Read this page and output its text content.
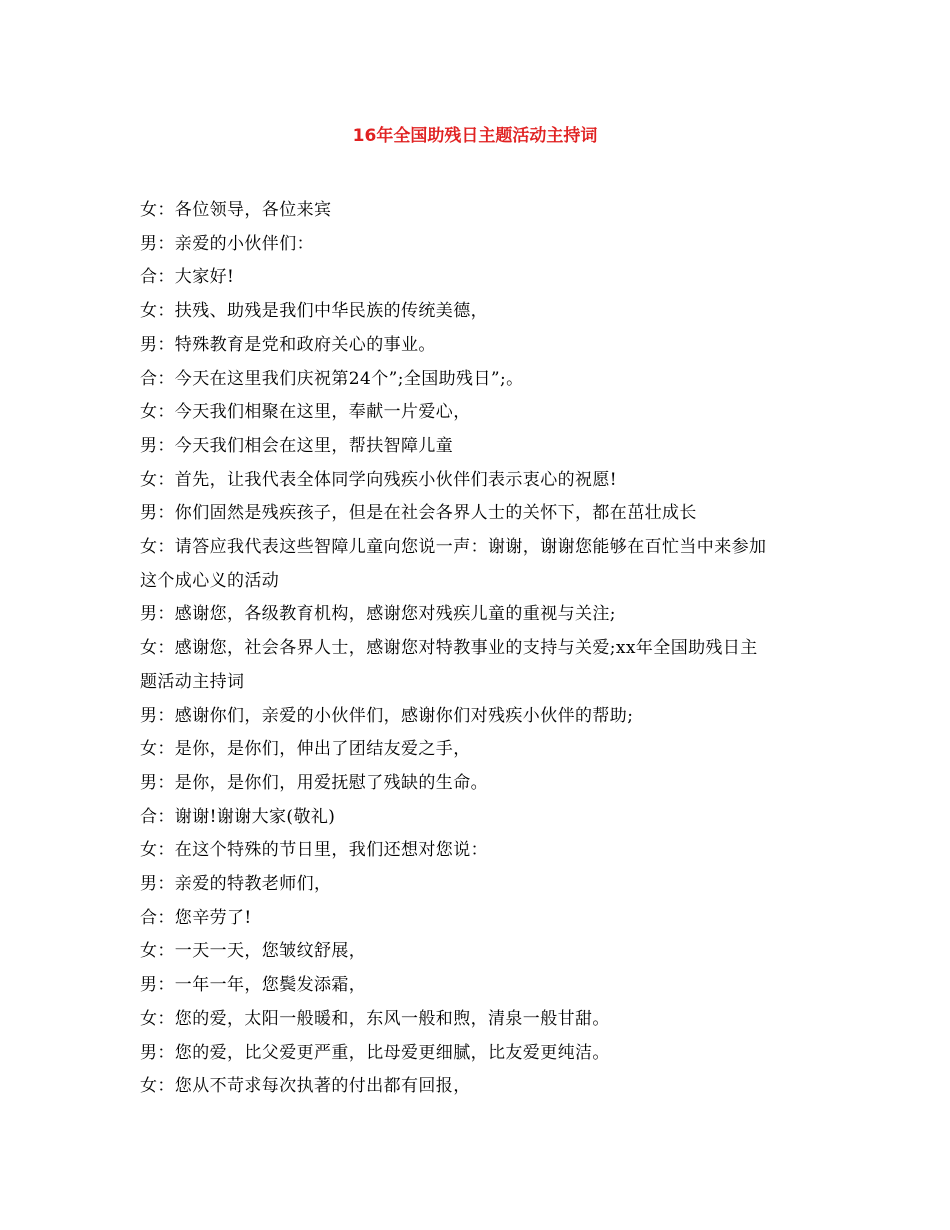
16年全国助残日主题活动主持词
女：各位领导，各位来宾
男：亲爱的小伙伴们：
合：大家好!
女：扶残、助残是我们中华民族的传统美德，
男：特殊教育是党和政府关心的事业。
合：今天在这里我们庆祝第24个”;全国助残日”;。
女：今天我们相聚在这里，奉献一片爱心，
男：今天我们相会在这里，帮扶智障儿童
女：首先，让我代表全体同学向残疾小伙伴们表示衷心的祝愿!
男：你们固然是残疾孩子，但是在社会各界人士的关怀下，都在茁壮成长
女：请答应我代表这些智障儿童向您说一声：谢谢，谢谢您能够在百忙当中来参加
这个成心义的活动
男：感谢您，各级教育机构，感谢您对残疾儿童的重视与关注;
女：感谢您，社会各界人士，感谢您对特教事业的支持与关爱;xx年全国助残日主
题活动主持词
男：感谢你们，亲爱的小伙伴们，感谢你们对残疾小伙伴的帮助;
女：是你，是你们，伸出了团结友爱之手，
男：是你，是你们，用爱抚慰了残缺的生命。
合：谢谢!谢谢大家(敬礼)
女：在这个特殊的节日里，我们还想对您说：
男：亲爱的特教老师们，
合：您辛劳了!
女：一天一天，您皱纹舒展，
男：一年一年，您鬓发添霜，
女：您的爱，太阳一般暖和，东风一般和煦，清泉一般甘甜。
男：您的爱，比父爱更严重，比母爱更细腻，比友爱更纯洁。
女：您从不苛求每次执著的付出都有回报，
